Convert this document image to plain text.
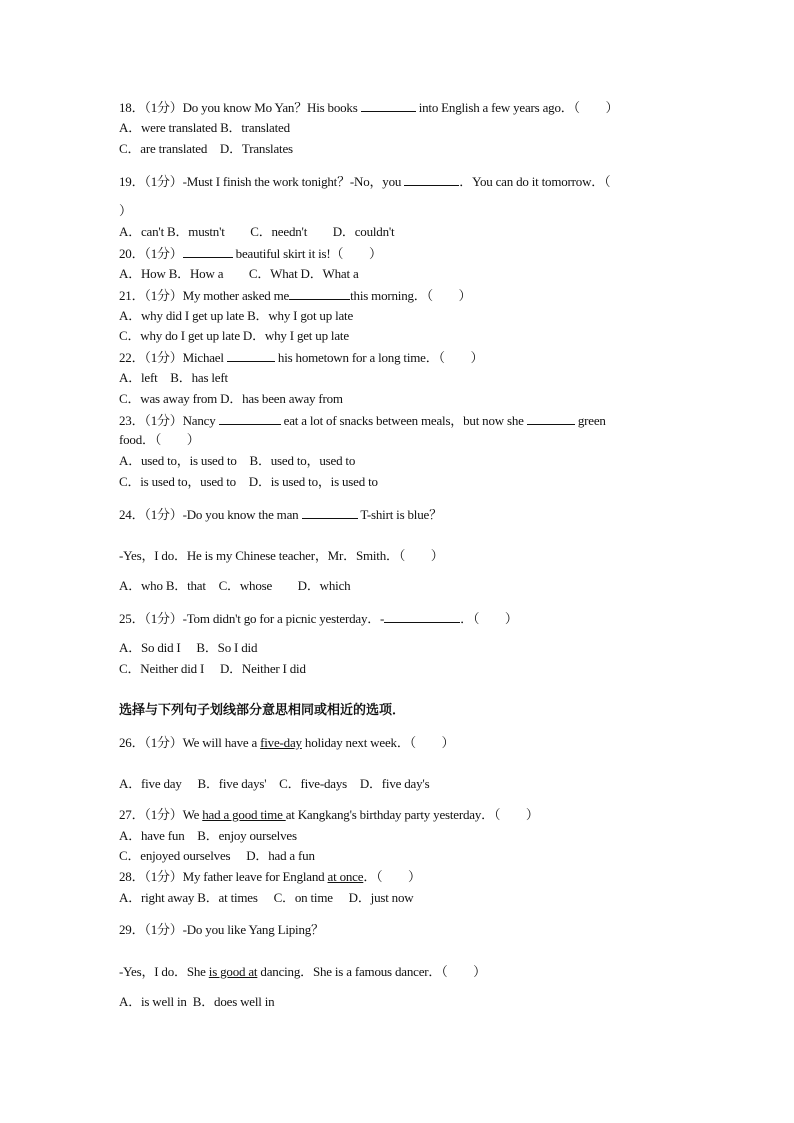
18．（1分）Do you know Mo Yan？His books	into English a few years ago．（　　）
A．were translated B．translated
C．are translated　D．Translates
19．（1分）-Must I finish the work tonight？-No，you	．You can do it tomorrow．（
）
A．can't B．mustn't　　C．needn't　　D．couldn't
20．（1分）	beautiful skirt it is!（　　）
A．How B．How a　　C．What D．What a
21．（1分）My mother asked me	this morning．（　　）
A．why did I get up late B．why I got up late
C．why do I get up late D．why I get up late
22．（1分）Michael	his hometown for a long time．（　　）
A．left　B．has left
C．was away from D．has been away from
23．（1分）Nancy	eat a lot of snacks between meals，but now she	green
food．（　　）
A．used to，is used to　B．used to，used to
C．is used to，used to　D．is used to，is used to
24．（1分）-Do you know the man	T-shirt is blue？
-Yes，I do．He is my Chinese teacher，Mr．Smith．（　　）
A．who B．that　C．whose　　D．which
25．（1分）-Tom didn't go for a picnic yesterday．-	．（　　）
A．So did I　 B．So I did
C．Neither did I　 D．Neither I did
选择与下列句子划线部分意思相同或相近的选项．
26．（1分）We will have a five-day holiday next week．（　　）
A．five day　 B．five days'　C．five-days　D．five day's
27．（1分）We had a good time at Kangkang's birthday party yesterday．（　　）
A．have fun　B．enjoy ourselves
C．enjoyed ourselves　 D．had a fun
28．（1分）My father leave for England at once．（　　）
A．right away B．at times　 C．on time　 D．just now
29．（1分）-Do you like Yang Liping？
-Yes，I do．She is good at dancing．She is a famous dancer．（　　）
A．is well in  B．does well in
